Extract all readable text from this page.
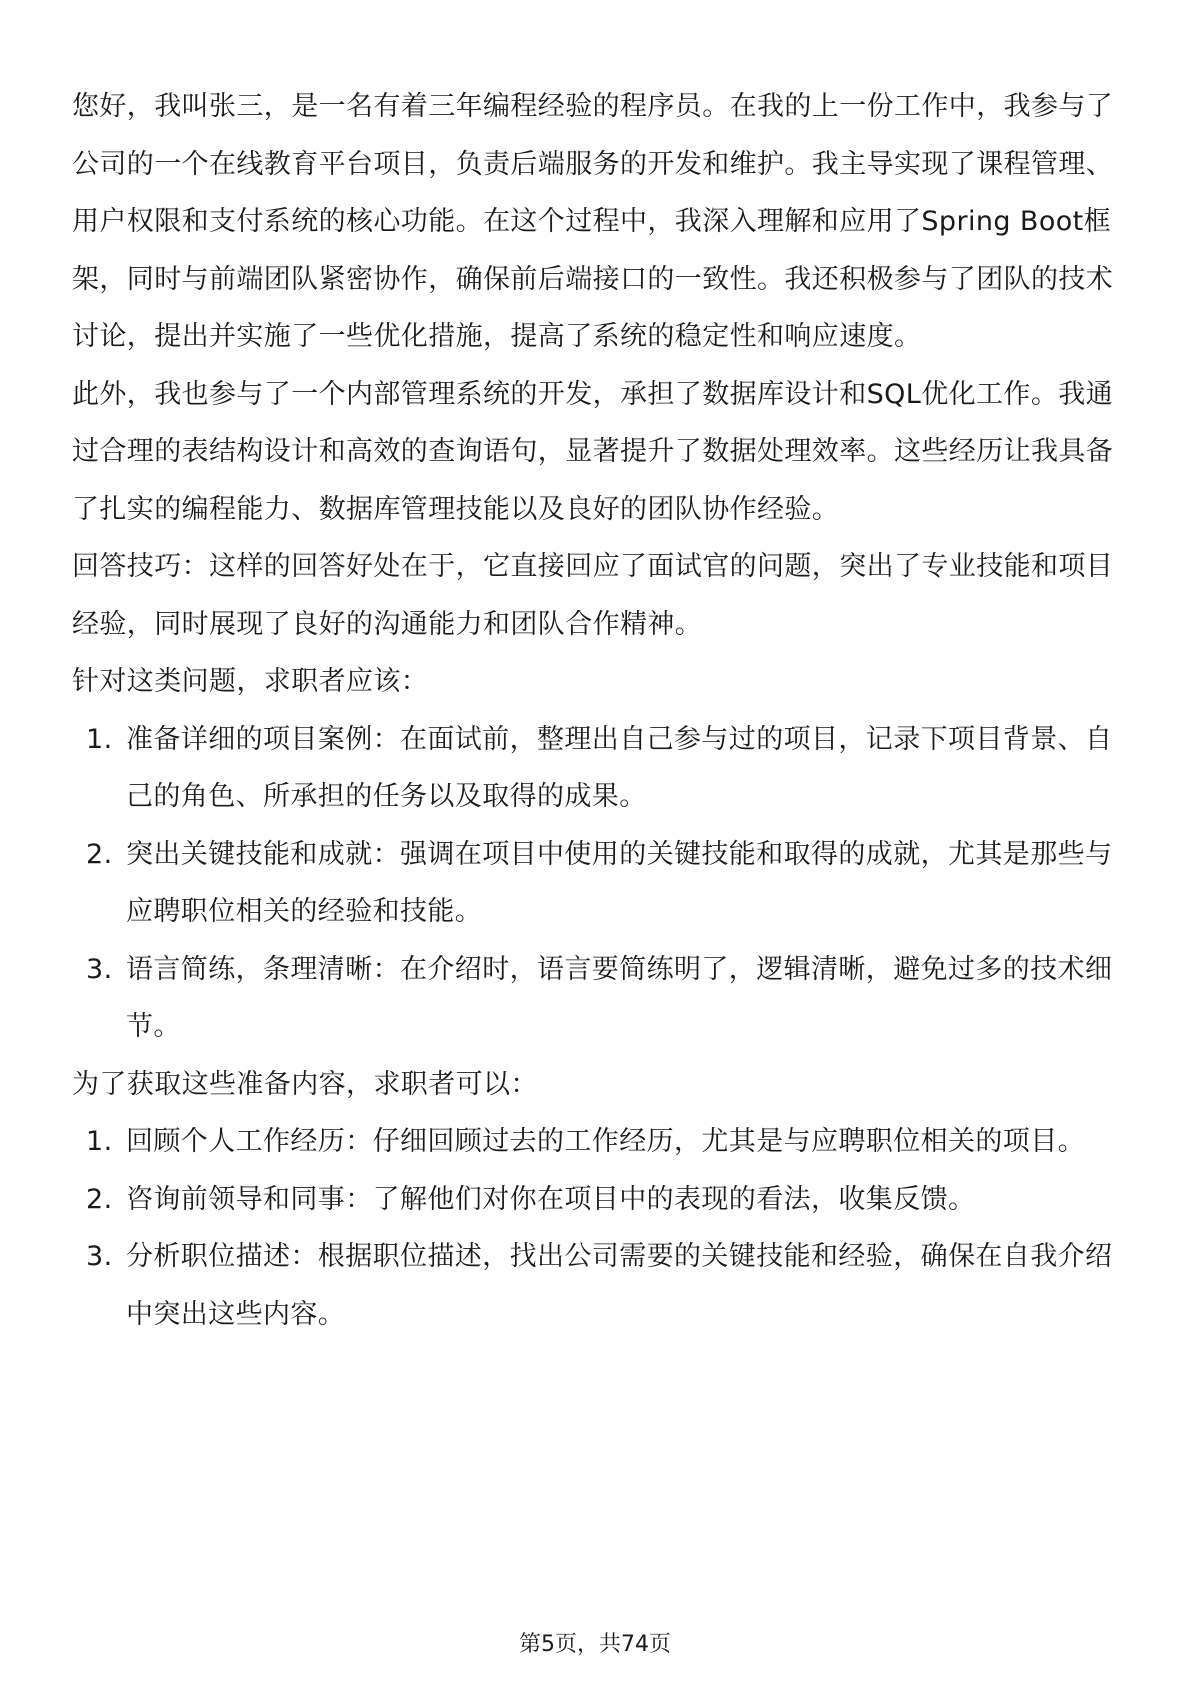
您好，我叫张三，是一名有着三年编程经验的程序员。在我的上一份工作中，我参与了公司的一个在线教育平台项目，负责后端服务的开发和维护。我主导实现了课程管理、用户权限和支付系统的核心功能。在这个过程中，我深入理解和应用了Spring Boot框架，同时与前端团队紧密协作，确保前后端接口的一致性。我还积极参与了团队的技术讨论，提出并实施了一些优化措施，提高了系统的稳定性和响应速度。

此外，我也参与了一个内部管理系统的开发，承担了数据库设计和SQL优化工作。我通过合理的表结构设计和高效的查询语句，显著提升了数据处理效率。这些经历让我具备了扎实的编程能力、数据库管理技能以及良好的团队协作经验。

回答技巧：这样的回答好处在于，它直接回应了面试官的问题，突出了专业技能和项目经验，同时展现了良好的沟通能力和团队合作精神。

针对这类问题，求职者应该：

1. 准备详细的项目案例：在面试前，整理出自己参与过的项目，记录下项目背景、自己的角色、所承担的任务以及取得的成果。
2. 突出关键技能和成就：强调在项目中使用的关键技能和取得的成就，尤其是那些与应聘职位相关的经验和技能。
3. 语言简练，条理清晰：在介绍时，语言要简练明了，逻辑清晰，避免过多的技术细节。

为了获取这些准备内容，求职者可以：

1. 回顾个人工作经历：仔细回顾过去的工作经历，尤其是与应聘职位相关的项目。
2. 咨询前领导和同事：了解他们对你在项目中的表现的看法，收集反馈。
3. 分析职位描述：根据职位描述，找出公司需要的关键技能和经验，确保在自我介绍中突出这些内容。
第5页，共74页
